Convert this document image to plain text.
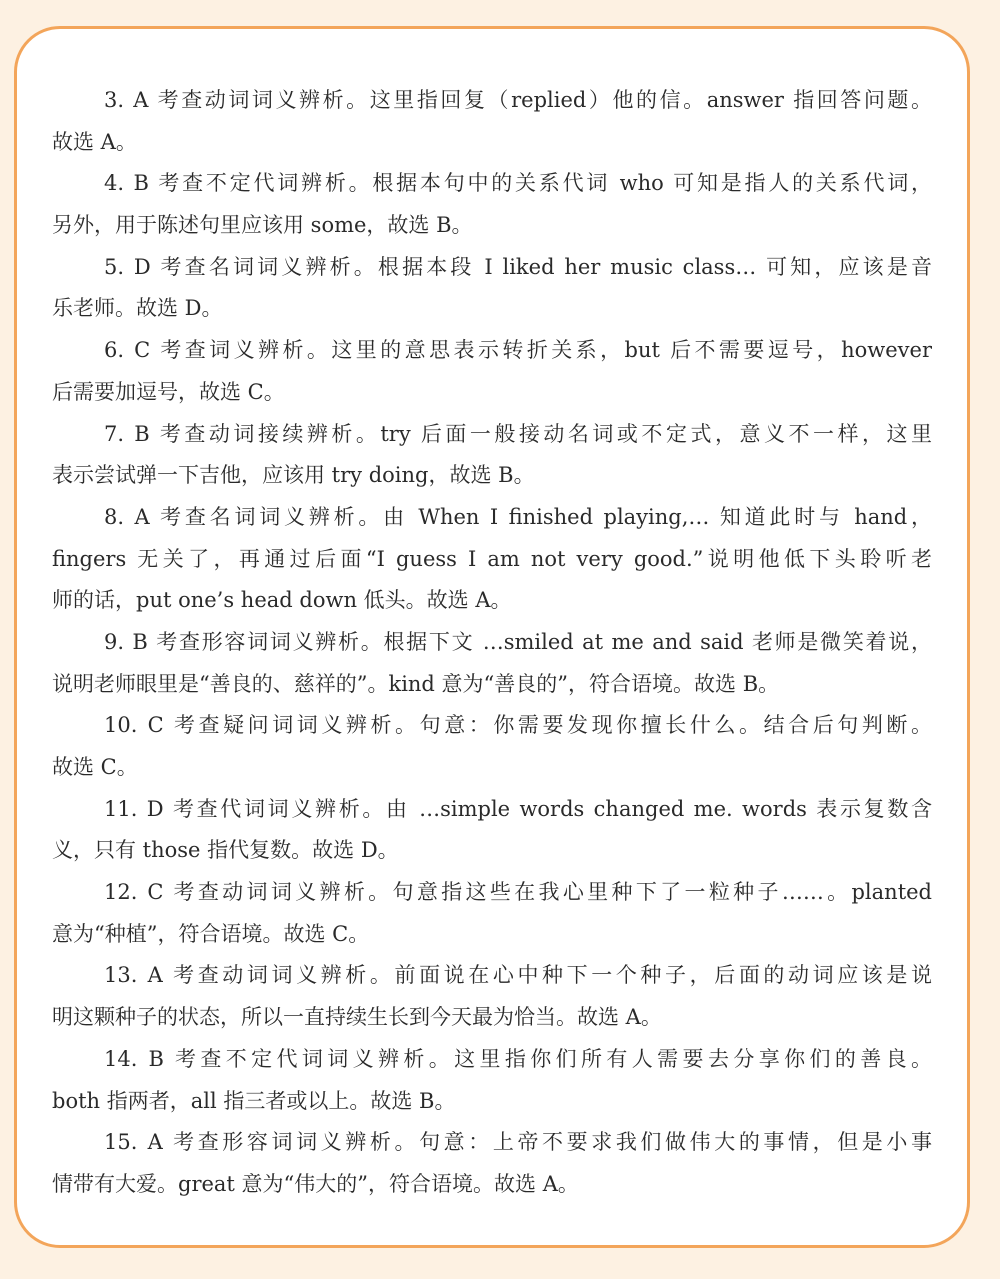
3. A 考查动词词义辨析。这里指回复（replied）他的信。answer 指回答问题。
故选 A。
4. B 考查不定代词辨析。根据本句中的关系代词 who 可知是指人的关系代词，
另外，用于陈述句里应该用 some，故选 B。
5. D 考查名词词义辨析。根据本段 I liked her music class… 可知，应该是音
乐老师。故选 D。
6. C 考查词义辨析。这里的意思表示转折关系，but 后不需要逗号，however
后需要加逗号，故选 C。
7. B 考查动词接续辨析。try 后面一般接动名词或不定式，意义不一样，这里
表示尝试弹一下吉他，应该用 try doing，故选 B。
8. A 考查名词词义辨析。由 When I finished playing,… 知道此时与 hand，
fingers 无关了，再通过后面“I guess I am not very good.”说明他低下头聆听老
师的话，put one’s head down 低头。故选 A。
9. B 考查形容词词义辨析。根据下文 …smiled at me and said 老师是微笑着说，
说明老师眼里是“善良的、慈祥的”。kind 意为“善良的”，符合语境。故选 B。
10. C 考查疑问词词义辨析。句意：你需要发现你擅长什么。结合后句判断。
故选 C。
11. D 考查代词词义辨析。由 …simple words changed me. words 表示复数含
义，只有 those 指代复数。故选 D。
12. C 考查动词词义辨析。句意指这些在我心里种下了一粒种子……。planted
意为“种植”，符合语境。故选 C。
13. A 考查动词词义辨析。前面说在心中种下一个种子，后面的动词应该是说
明这颗种子的状态，所以一直持续生长到今天最为恰当。故选 A。
14. B 考查不定代词词义辨析。这里指你们所有人需要去分享你们的善良。
both 指两者，all 指三者或以上。故选 B。
15. A 考查形容词词义辨析。句意：上帝不要求我们做伟大的事情，但是小事
情带有大爱。great 意为“伟大的”，符合语境。故选 A。
